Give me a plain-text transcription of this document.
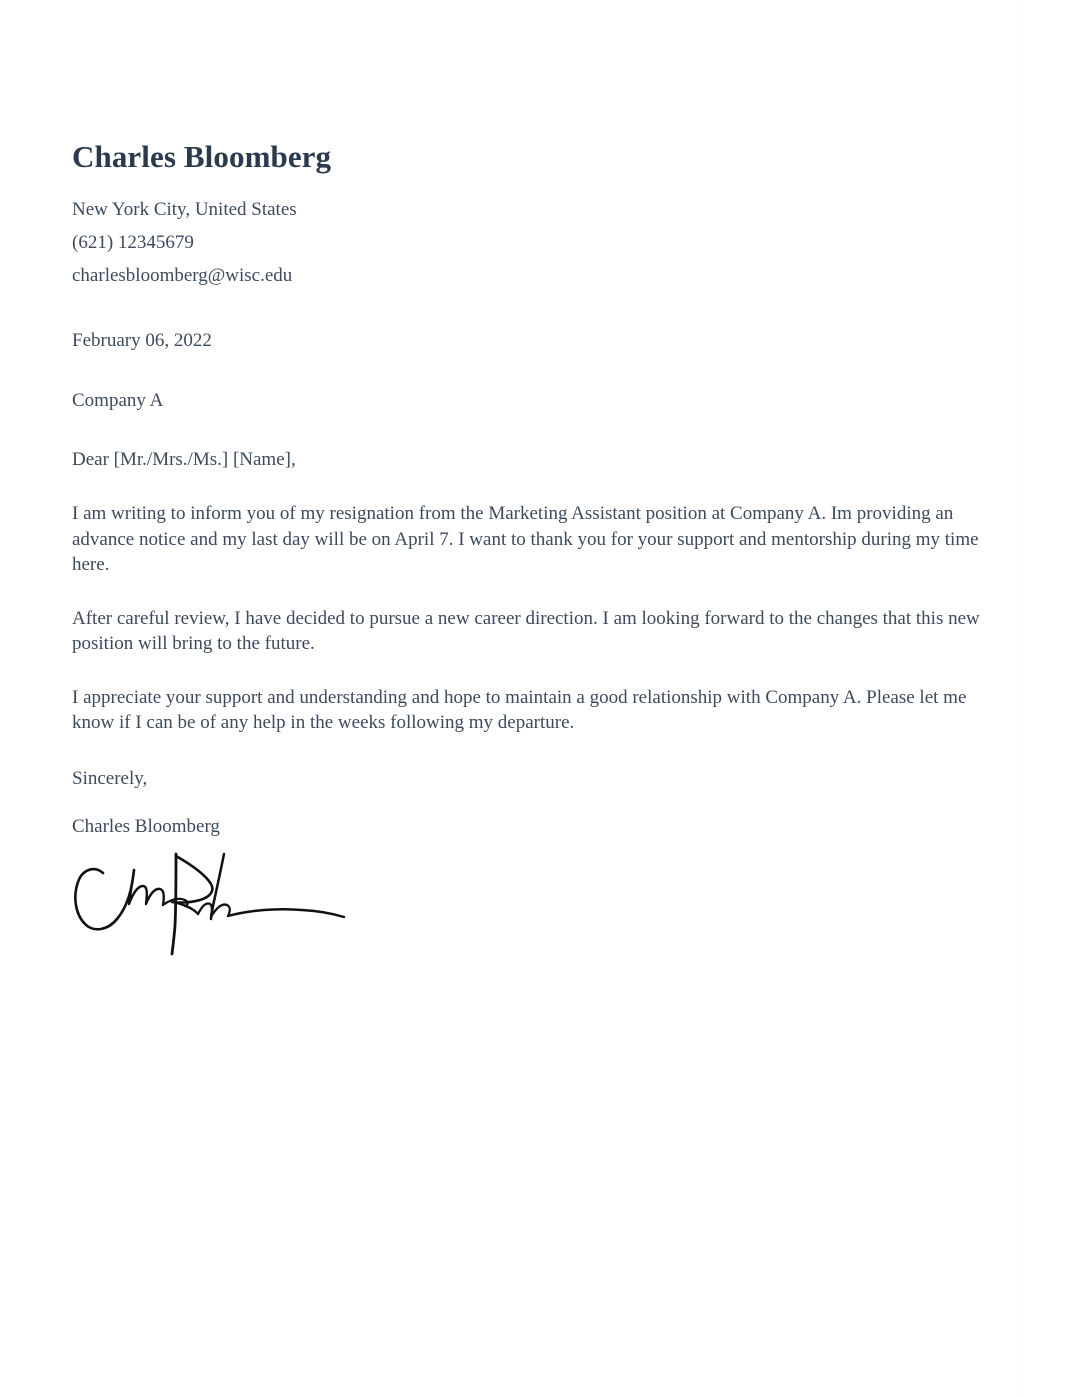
Charles Bloomberg
New York City, United States
(621) 12345679
charlesbloomberg@wisc.edu
February 06, 2022
Company A
Dear [Mr./Mrs./Ms.] [Name],

I am writing to inform you of my resignation from the Marketing Assistant position at Company A. Im providing an advance notice and my last day will be on April 7. I want to thank you for your support and mentorship during my time here.

After careful review, I have decided to pursue a new career direction. I am looking forward to the changes that this new position will bring to the future.

I appreciate your support and understanding and hope to maintain a good relationship with Company A. Please let me know if I can be of any help in the weeks following my departure.

Sincerely,
Charles Bloomberg
